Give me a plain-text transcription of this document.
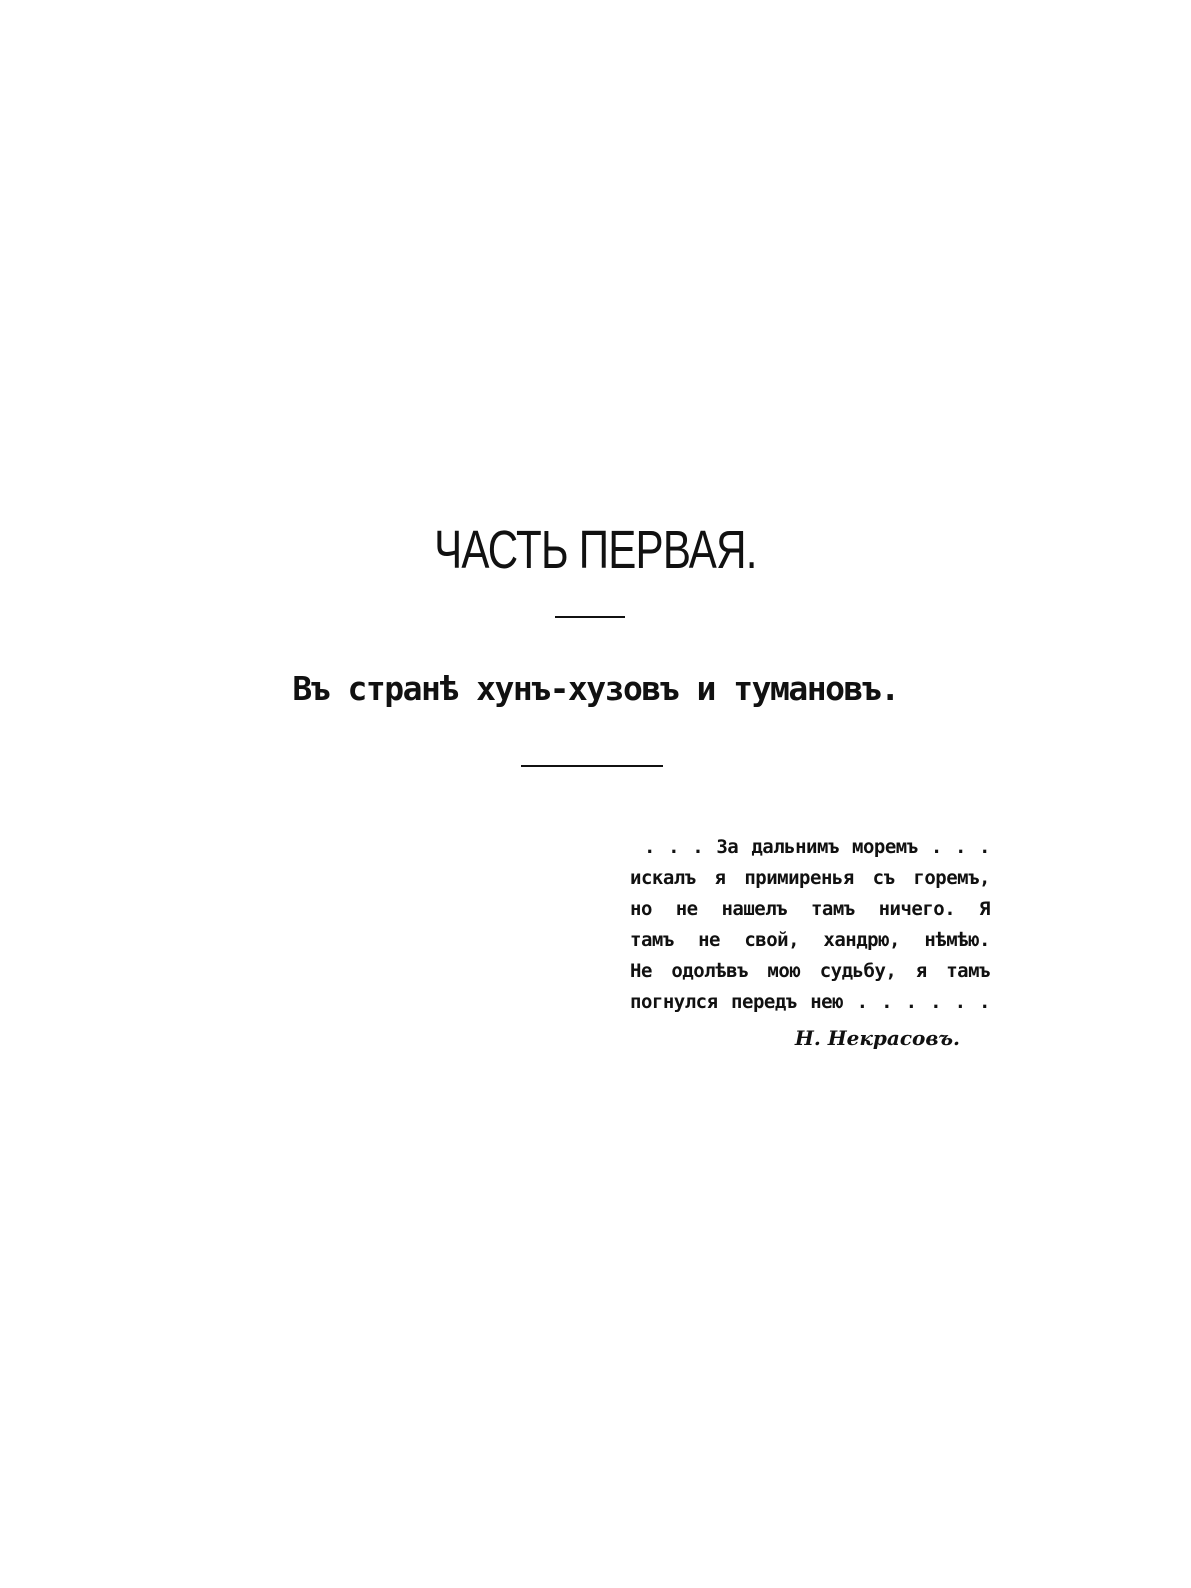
ЧАСТЬ ПЕРВАЯ.
Въ странѣ хунъ-хузовъ и тумановъ.
. . . За дальнимъ моремъ . . .
искалъ я примиренья съ горемъ,
но не нашелъ тамъ ничего. Я
тамъ не свой, хандрю, нѣмѣю.
Не одолѣвъ мою судьбу, я тамъ
погнулся передъ нею . . . . . .
Н. Некрасовъ.
